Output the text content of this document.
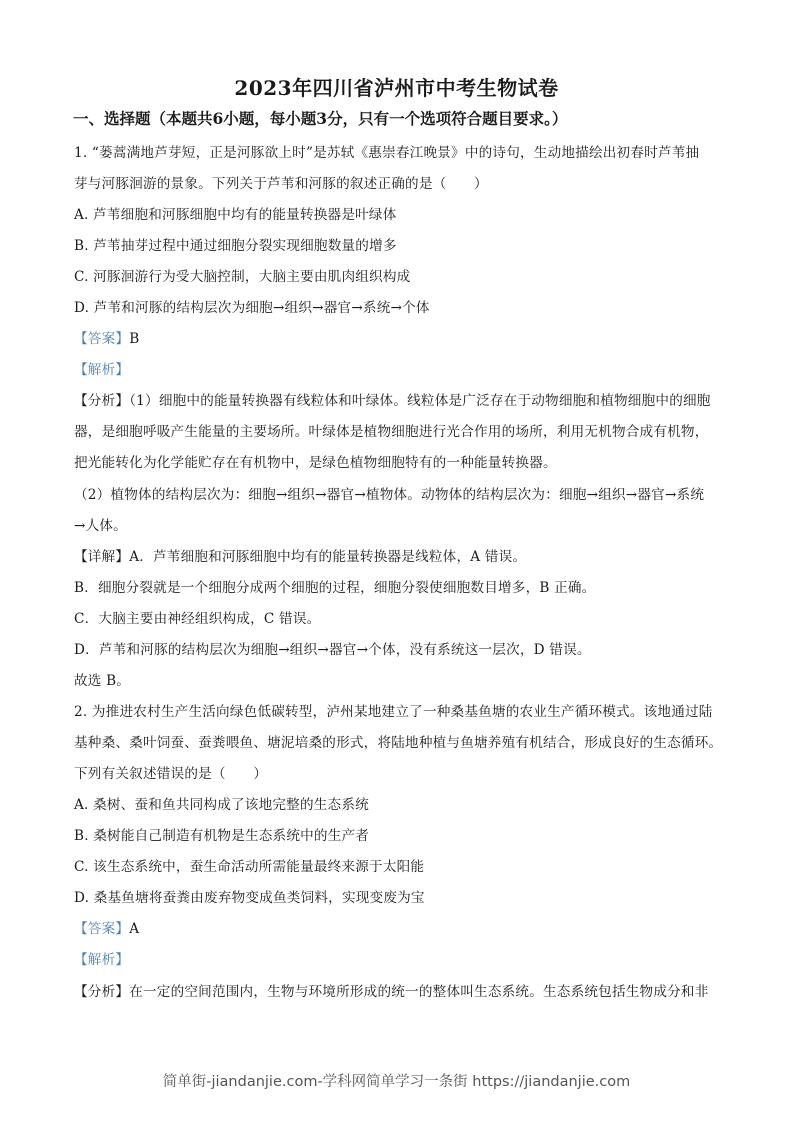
2023年四川省泸州市中考生物试卷
一、选择题（本题共6小题，每小题3分，只有一个选项符合题目要求。）
1. “蒌蒿满地芦芽短，正是河豚欲上时”是苏轼《惠崇春江晚景》中的诗句，生动地描绘出初春时芦苇抽
芽与河豚洄游的景象。下列关于芦苇和河豚的叙述正确的是（　　）
A. 芦苇细胞和河豚细胞中均有的能量转换器是叶绿体
B. 芦苇抽芽过程中通过细胞分裂实现细胞数量的增多
C. 河豚洄游行为受大脑控制，大脑主要由肌肉组织构成
D. 芦苇和河豚的结构层次为细胞→组织→器官→系统→个体
【答案】B
【解析】
【分析】（1）细胞中的能量转换器有线粒体和叶绿体。线粒体是广泛存在于动物细胞和植物细胞中的细胞
器，是细胞呼吸产生能量的主要场所。叶绿体是植物细胞进行光合作用的场所，利用无机物合成有机物，
把光能转化为化学能贮存在有机物中，是绿色植物细胞特有的一种能量转换器。
（2）植物体的结构层次为：细胞→组织→器官→植物体。动物体的结构层次为：细胞→组织→器官→系统
→人体。
【详解】A．芦苇细胞和河豚细胞中均有的能量转换器是线粒体，A 错误。
B．细胞分裂就是一个细胞分成两个细胞的过程，细胞分裂使细胞数目增多，B 正确。
C．大脑主要由神经组织构成，C 错误。
D．芦苇和河豚的结构层次为细胞→组织→器官→个体，没有系统这一层次，D 错误。
故选 B。
2. 为推进农村生产生活向绿色低碳转型，泸州某地建立了一种桑基鱼塘的农业生产循环模式。该地通过陆
基种桑、桑叶饲蚕、蚕粪喂鱼、塘泥培桑的形式，将陆地种植与鱼塘养殖有机结合，形成良好的生态循环。
下列有关叙述错误的是（　　）
A. 桑树、蚕和鱼共同构成了该地完整的生态系统
B. 桑树能自己制造有机物是生态系统中的生产者
C. 该生态系统中，蚕生命活动所需能量最终来源于太阳能
D. 桑基鱼塘将蚕粪由废弃物变成鱼类饲料，实现变废为宝
【答案】A
【解析】
【分析】在一定的空间范围内，生物与环境所形成的统一的整体叫生态系统。生态系统包括生物成分和非
简单街-jiandanjie.com-学科网简单学习一条街 https://jiandanjie.com
